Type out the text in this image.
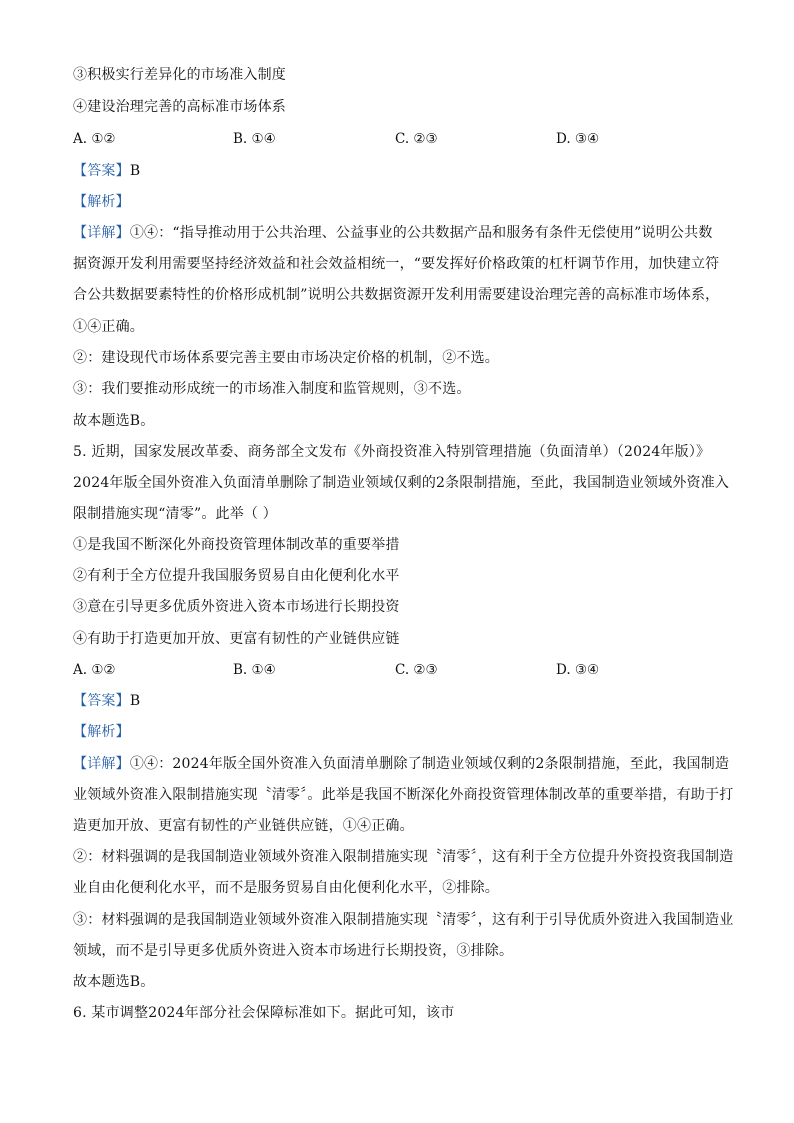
③积极实行差异化的市场准入制度
④建设治理完善的高标准市场体系
A. ①②	B. ①④	C. ②③	D. ③④
【答案】B
【解析】
【详解】①④：“指导推动用于公共治理、公益事业的公共数据产品和服务有条件无偿使用”说明公共数
据资源开发利用需要坚持经济效益和社会效益相统一，“要发挥好价格政策的杠杆调节作用，加快建立符
合公共数据要素特性的价格形成机制”说明公共数据资源开发利用需要建设治理完善的高标准市场体系，
①④正确。
②：建设现代市场体系要完善主要由市场决定价格的机制，②不选。
③：我们要推动形成统一的市场准入制度和监管规则，③不选。
故本题选B。
5. 近期，国家发展改革委、商务部全文发布《外商投资准入特别管理措施（负面清单）（2024年版）》
2024年版全国外资准入负面清单删除了制造业领域仅剩的2条限制措施，至此，我国制造业领域外资准入
限制措施实现“清零”。此举（ ）
①是我国不断深化外商投资管理体制改革的重要举措
②有利于全方位提升我国服务贸易自由化便利化水平
③意在引导更多优质外资进入资本市场进行长期投资
④有助于打造更加开放、更富有韧性的产业链供应链
A. ①②	B. ①④	C. ②③	D. ③④
【答案】B
【解析】
【详解】①④：2024年版全国外资准入负面清单删除了制造业领域仅剩的2条限制措施，至此，我国制造
业领域外资准入限制措施实现〝清零〞。此举是我国不断深化外商投资管理体制改革的重要举措，有助于打
造更加开放、更富有韧性的产业链供应链，①④正确。
②：材料强调的是我国制造业领域外资准入限制措施实现〝清零〞，这有利于全方位提升外资投资我国制造
业自由化便利化水平，而不是服务贸易自由化便利化水平，②排除。
③：材料强调的是我国制造业领域外资准入限制措施实现〝清零〞，这有利于引导优质外资进入我国制造业
领域，而不是引导更多优质外资进入资本市场进行长期投资，③排除。
故本题选B。
6. 某市调整2024年部分社会保障标准如下。据此可知，该市
